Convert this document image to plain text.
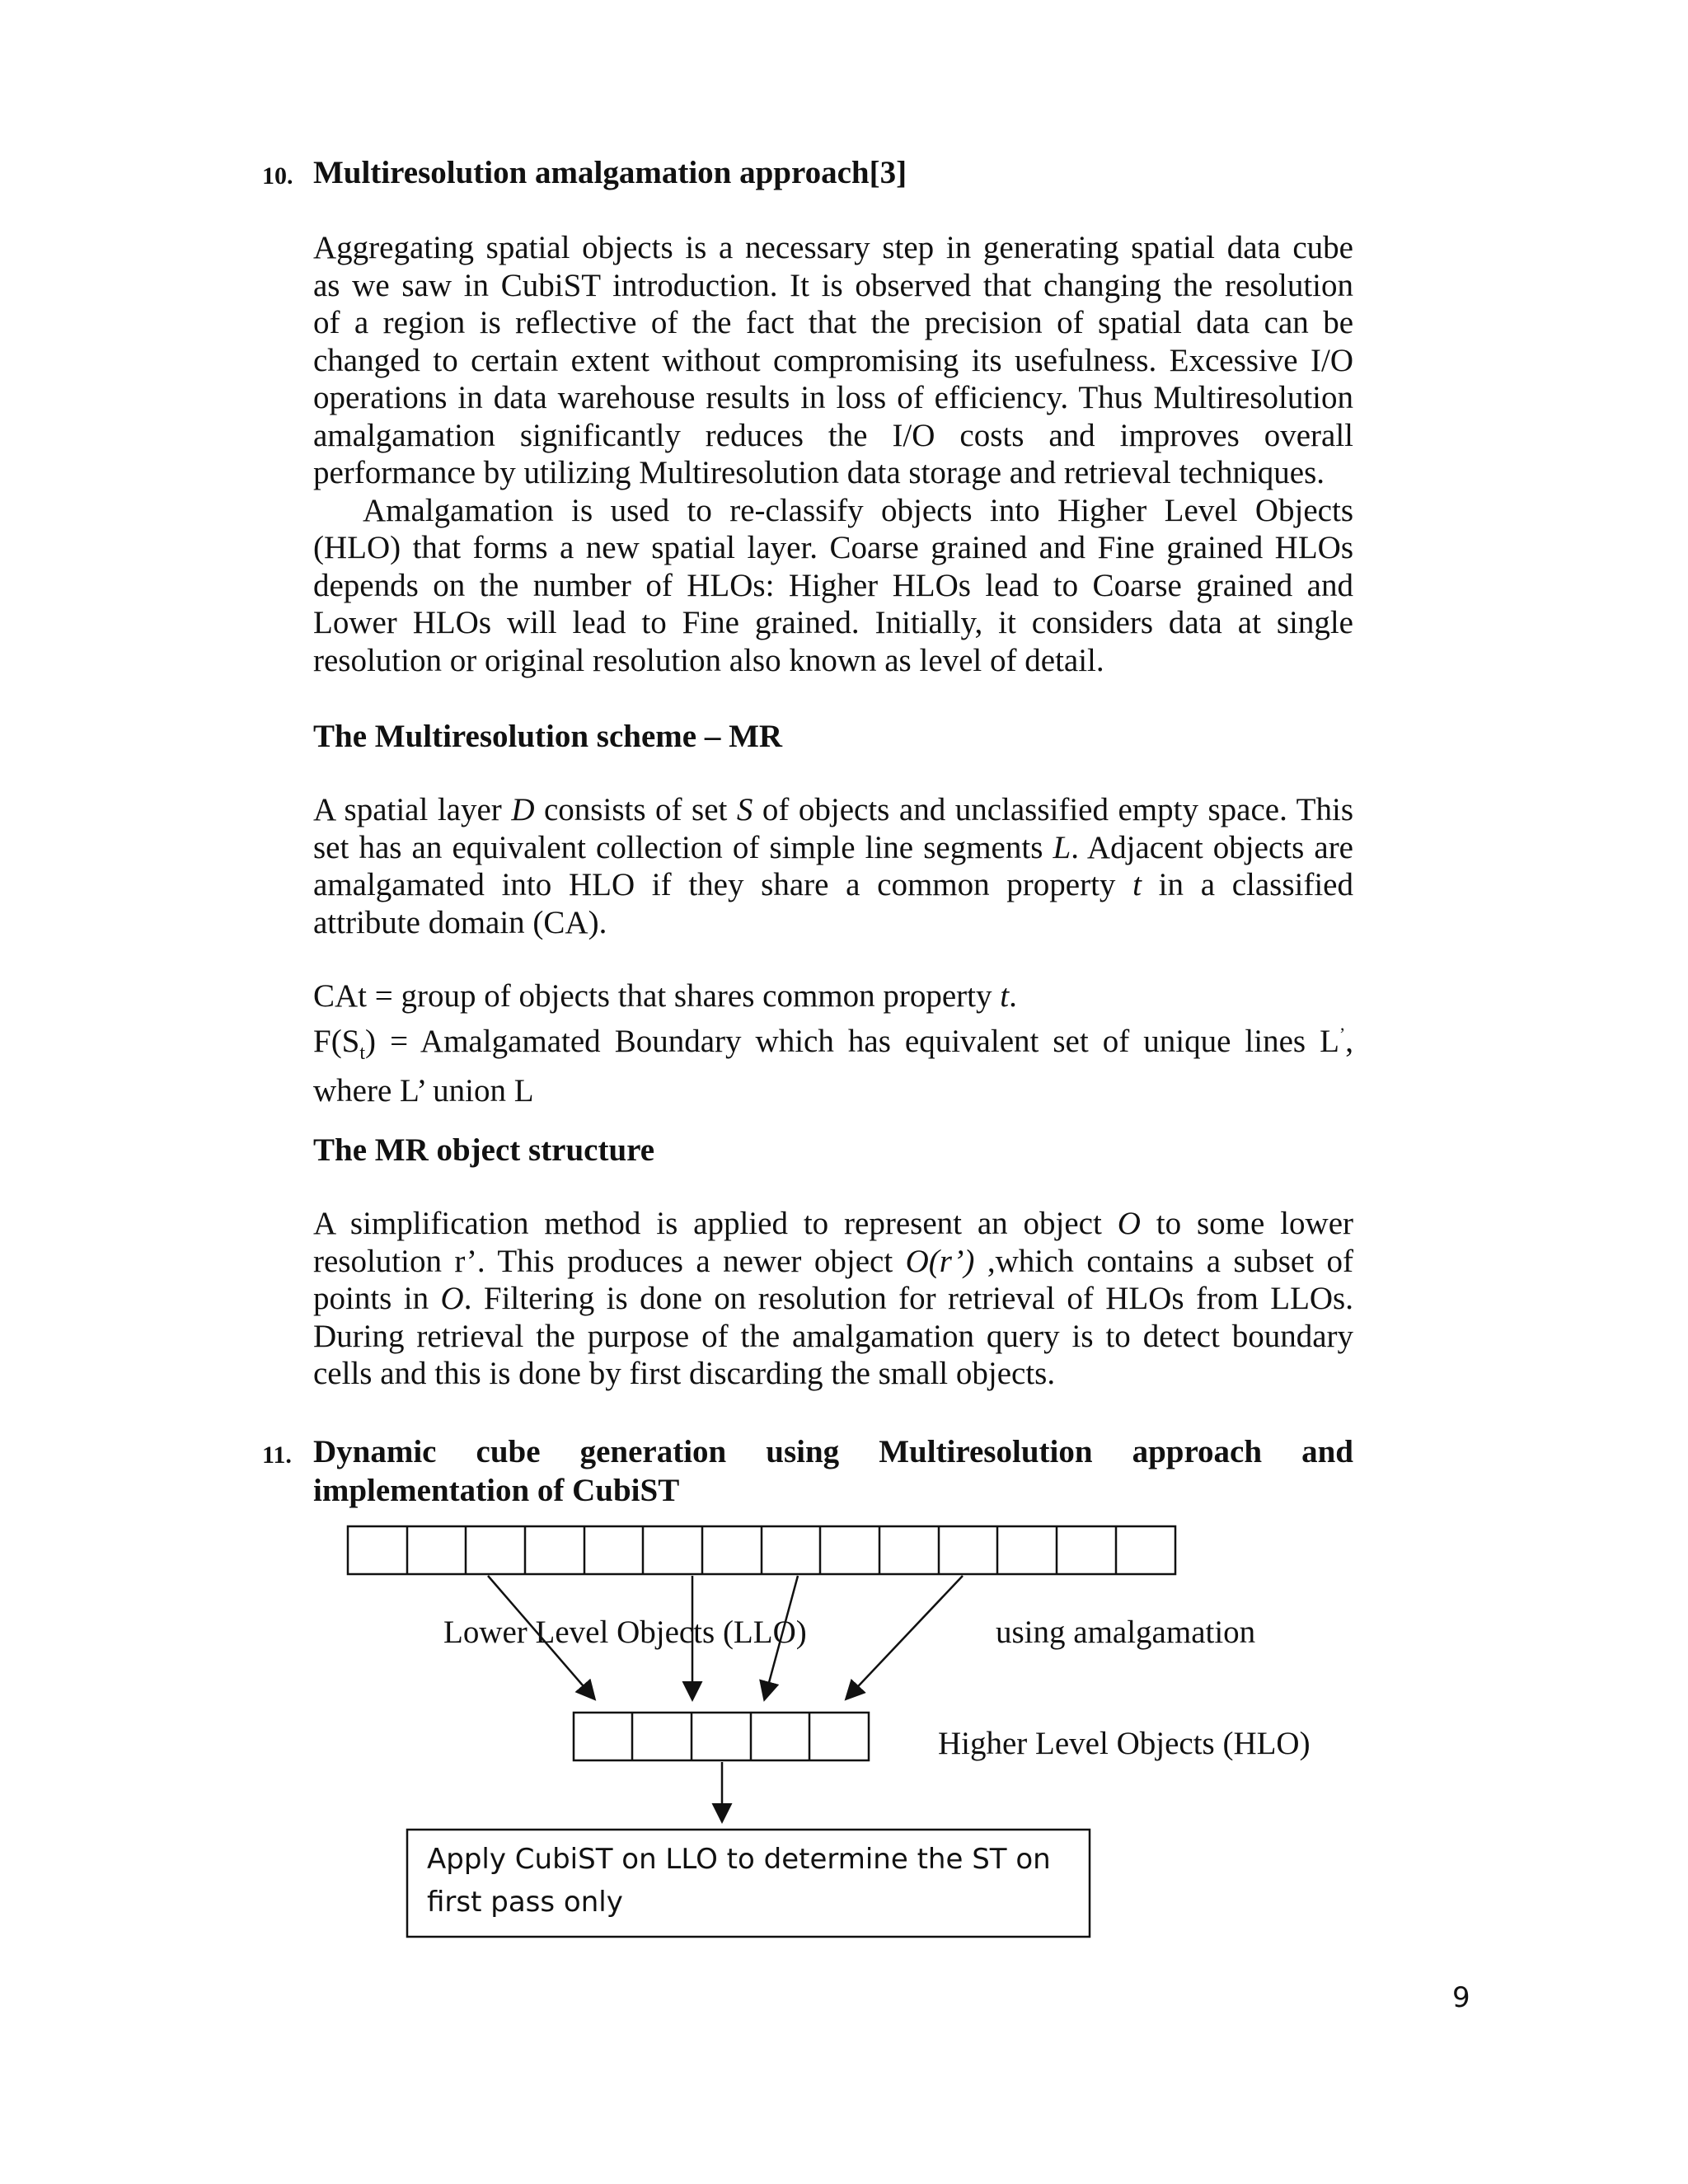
10. Multiresolution amalgamation approach[3]

Aggregating spatial objects is a necessary step in generating spatial data cube

as we saw in CubiST introduction. It is observed that changing the resolution

of a region is reflective of the fact that the precision of spatial data can be

changed to certain extent without compromising its usefulness. Excessive I/O

operations in data warehouse results in loss of efficiency. Thus Multiresolution

amalgamation significantly reduces the I/O costs and improves overall

performance by utilizing Multiresolution data storage and retrieval techniques.

Amalgamation is used to re-classify objects into Higher Level Objects

(HLO) that forms a new spatial layer. Coarse grained and Fine grained HLOs

depends on the number of HLOs: Higher HLOs lead to Coarse grained and

Lower HLOs will lead to Fine grained. Initially, it considers data at single

resolution or original resolution also known as level of detail.

The Multiresolution scheme – MR

A spatial layer D consists of set S of objects and unclassified empty space. This

set has an equivalent collection of simple line segments L. Adjacent objects are

amalgamated into HLO if they share a common property t in a classified

attribute domain (CA).

CAt = group of objects that shares common property t.

$F(S_t)$ = Amalgamated Boundary which has equivalent set of unique lines L’,

where L’ union L

The MR object structure

A simplification method is applied to represent an object O to some lower

resolution r’. This produces a newer object O(r’) ,which contains a subset of

points in O. Filtering is done on resolution for retrieval of HLOs from LLOs.

During retrieval the purpose of the amalgamation query is to detect boundary

cells and this is done by first discarding the small objects.

11. Dynamic cube generation using Multiresolution approach and
implementation of CubiST
Lower Level Objects (LLO)	using amalgamation
Higher Level Objects (HLO)
Apply CubiST on LLO to determine the ST on first pass only
9
